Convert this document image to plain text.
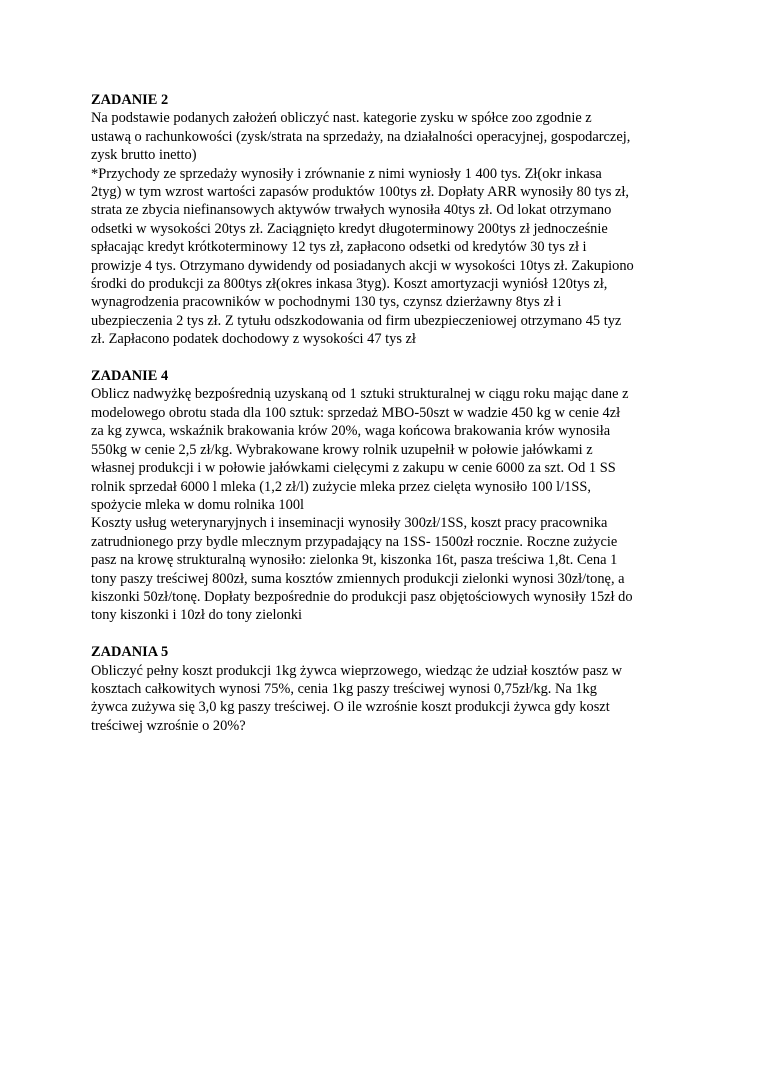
ZADANIE 2
Na podstawie podanych założeń obliczyć nast. kategorie zysku w spółce zoo zgodnie z
ustawą o rachunkowości (zysk/strata na sprzedaży, na działalności operacyjnej, gospodarczej,
zysk brutto inetto)
*Przychody ze sprzedaży wynosiły i zrównanie z nimi wyniosły 1 400 tys. Zł(okr inkasa
2tyg) w tym wzrost wartości zapasów produktów 100tys zł. Dopłaty ARR wynosiły 80 tys zł,
strata ze zbycia niefinansowych aktywów trwałych wynosiła 40tys zł. Od lokat otrzymano
odsetki w wysokości 20tys zł. Zaciągnięto kredyt długoterminowy 200tys zł jednocześnie
spłacając kredyt krótkoterminowy 12 tys zł, zapłacono odsetki od kredytów 30 tys zł i
prowizje 4 tys. Otrzymano dywidendy od posiadanych akcji w wysokości 10tys zł. Zakupiono
środki do produkcji za 800tys zł(okres inkasa 3tyg). Koszt amortyzacji wyniósł 120tys zł,
wynagrodzenia pracowników w pochodnymi 130 tys, czynsz dzierżawny 8tys zł i
ubezpieczenia 2 tys zł. Z tytułu odszkodowania od firm ubezpieczeniowej otrzymano 45 tyz
zł. Zapłacono podatek dochodowy z wysokości 47 tys zł
ZADANIE 4
Oblicz nadwyżkę bezpośrednią uzyskaną od 1 sztuki strukturalnej w ciągu roku mając dane z
modelowego obrotu stada dla 100 sztuk: sprzedaż MBO-50szt w wadzie 450 kg w cenie 4zł
za kg zywca, wskaźnik brakowania krów 20%, waga końcowa brakowania krów wynosiła
550kg w cenie 2,5 zł/kg. Wybrakowane krowy rolnik uzupełnił w połowie jałówkami z
własnej produkcji i w połowie jałówkami cielęcymi z zakupu w cenie 6000 za szt. Od 1 SS
rolnik sprzedał 6000 l mleka (1,2 zł/l) zużycie mleka przez cielęta wynosiło 100 l/1SS,
spożycie mleka w domu rolnika 100l
Koszty usług weterynaryjnych i inseminacji wynosiły 300zł/1SS, koszt pracy pracownika
zatrudnionego przy bydle mlecznym przypadający na 1SS- 1500zł rocznie. Roczne zużycie
pasz na krowę strukturalną wynosiło: zielonka 9t, kiszonka 16t, pasza treściwa 1,8t. Cena 1
tony paszy treściwej 800zł, suma kosztów zmiennych produkcji zielonki wynosi 30zł/tonę, a
kiszonki 50zł/tonę. Dopłaty bezpośrednie do produkcji pasz objętościowych wynosiły 15zł do
tony kiszonki i 10zł do tony zielonki
ZADANIA 5
Obliczyć pełny koszt produkcji 1kg żywca wieprzowego, wiedząc że udział kosztów pasz w
kosztach całkowitych wynosi 75%, cenia 1kg paszy treściwej wynosi 0,75zł/kg. Na 1kg
żywca zużywa się 3,0 kg paszy treściwej. O ile wzrośnie koszt produkcji żywca gdy koszt
treściwej wzrośnie o 20%?
